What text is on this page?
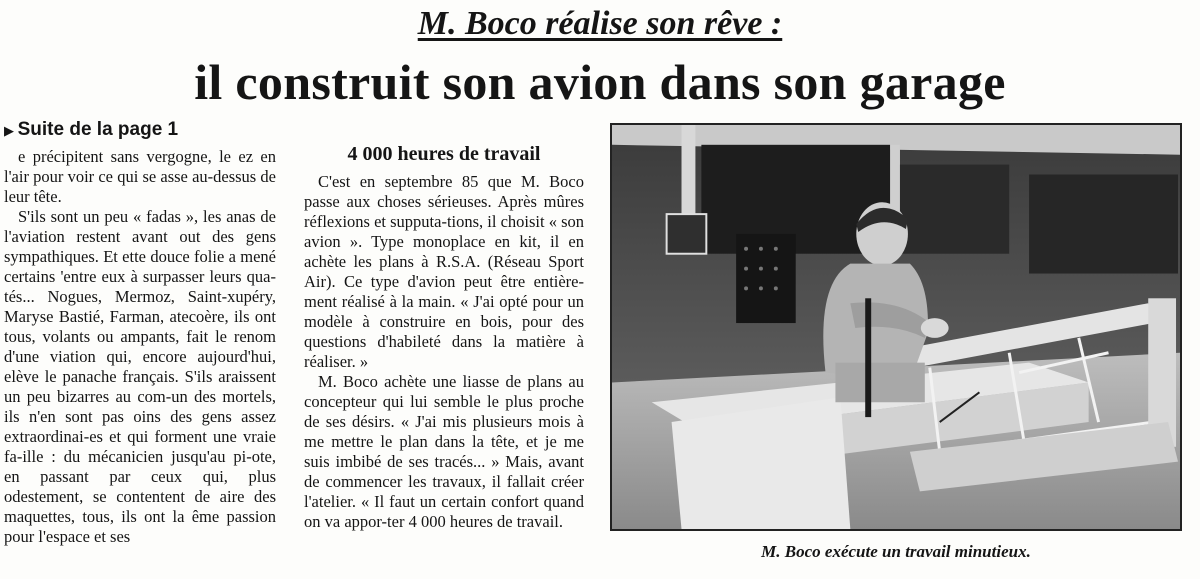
M. Boco réalise son rêve :
il construit son avion dans son garage
▶ Suite de la page 1

e précipitent sans vergogne, le ez en l'air pour voir ce qui se asse au-dessus de leur tête.

S'ils sont un peu « fadas », les anas de l'aviation restent avant out des gens sympathiques. Et ette douce folie a mené certains 'entre eux à surpasser leurs qua-tés... Nogues, Mermoz, Saint-xupéry, Maryse Bastié, Farman, atecoère, ils ont tous, volants ou ampants, fait le renom d'une viation qui, encore aujourd'hui, elève le panache français. S'ils araissent un peu bizarres au com-un des mortels, ils n'en sont pas oins des gens assez extraordinai-es et qui forment une vraie fa-ille : du mécanicien jusqu'au pi-ote, en passant par ceux qui, plus odestement, se contentent de aire des maquettes, tous, ils ont la ême passion pour l'espace et ses

4 000 heures de travail

C'est en septembre 85 que M. Boco passe aux choses sérieuses. Après mûres réflexions et supputa-tions, il choisit « son avion ». Type monoplace en kit, il en achète les plans à R.S.A. (Réseau Sport Air). Ce type d'avion peut être entière-ment réalisé à la main. « J'ai opté pour un modèle à construire en bois, pour des questions d'habileté dans la matière à réaliser. »

M. Boco achète une liasse de plans au concepteur qui lui semble le plus proche de ses désirs. « J'ai mis plusieurs mois à me mettre le plan dans la tête, et je me suis imbibé de ses tracés... » Mais, avant de commencer les travaux, il fallait créer l'atelier. « Il faut un certain confort quand on va appor-ter 4 000 heures de travail.

M. Boco exécute un travail minutieux.
